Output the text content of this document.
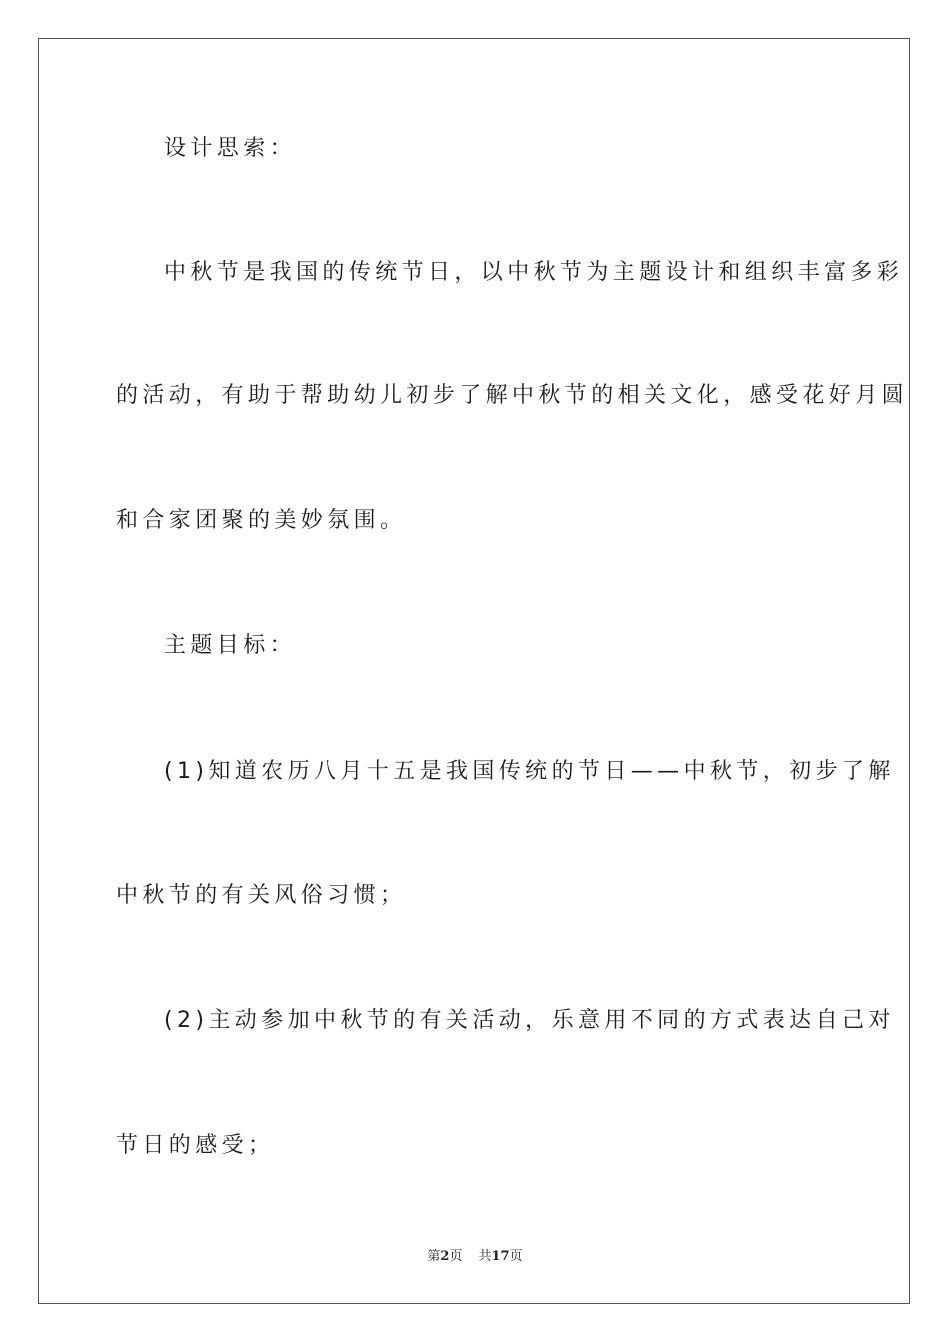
设计思索：
中秋节是我国的传统节日，以中秋节为主题设计和组织丰富多彩
的活动，有助于帮助幼儿初步了解中秋节的相关文化，感受花好月圆
和合家团聚的美妙氛围。
主题目标：
(1)知道农历八月十五是我国传统的节日——中秋节，初步了解
中秋节的有关风俗习惯；
(2)主动参加中秋节的有关活动，乐意用不同的方式表达自己对
节日的感受；
第2页 共17页
